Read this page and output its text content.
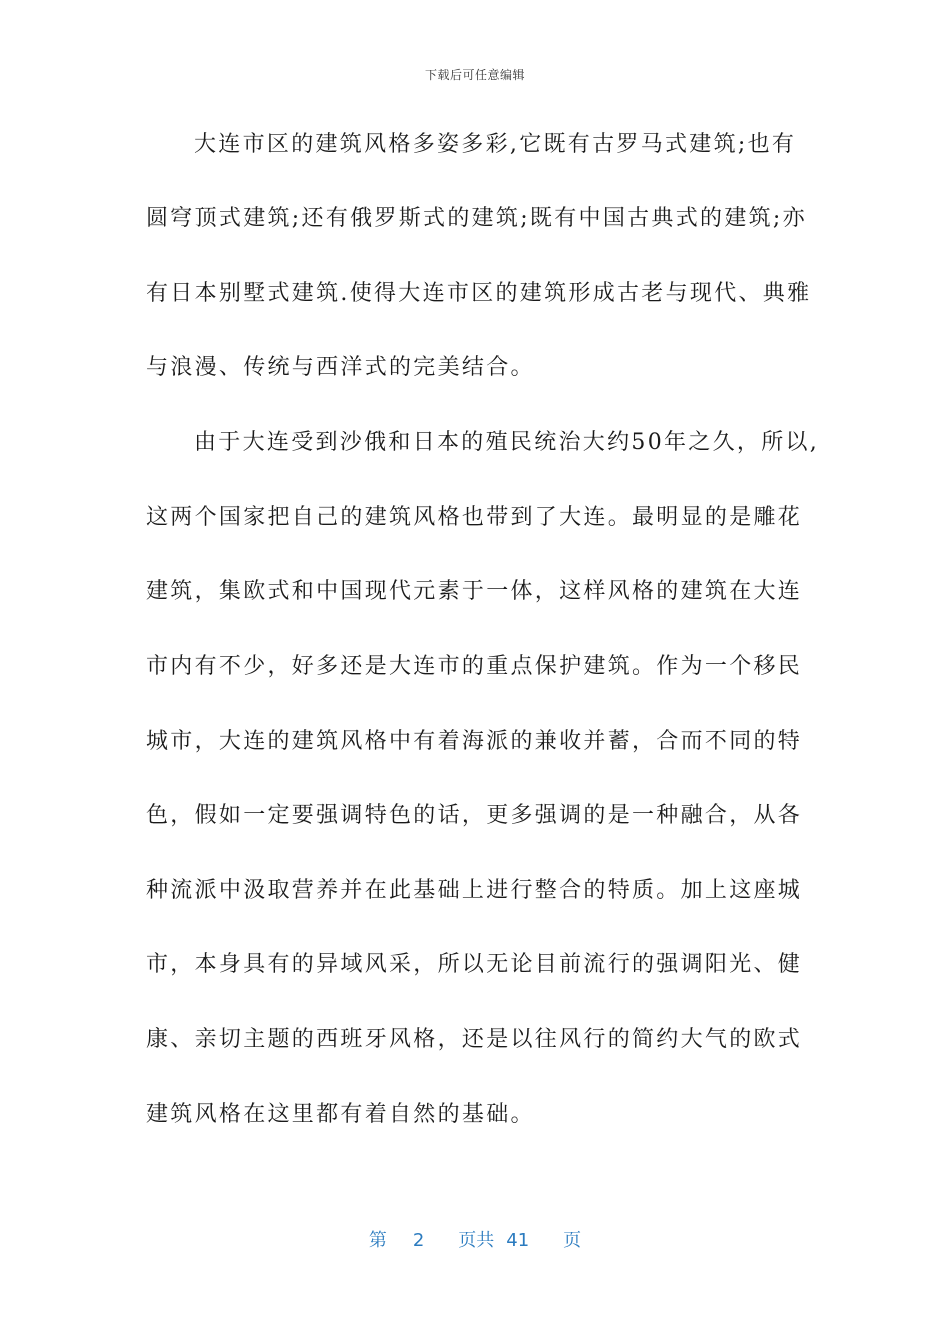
下载后可任意编辑
大连市区的建筑风格多姿多彩,它既有古罗马式建筑;也有
圆穹顶式建筑;还有俄罗斯式的建筑;既有中国古典式的建筑;亦
有日本别墅式建筑.使得大连市区的建筑形成古老与现代、典雅
与浪漫、传统与西洋式的完美结合。
由于大连受到沙俄和日本的殖民统治大约50年之久，所以,
这两个国家把自己的建筑风格也带到了大连。最明显的是雕花
建筑，集欧式和中国现代元素于一体，这样风格的建筑在大连
市内有不少，好多还是大连市的重点保护建筑。作为一个移民
城市，大连的建筑风格中有着海派的兼收并蓄，合而不同的特
色，假如一定要强调特色的话，更多强调的是一种融合，从各
种流派中汲取营养并在此基础上进行整合的特质。加上这座城
市，本身具有的异域风采，所以无论目前流行的强调阳光、健
康、亲切主题的西班牙风格，还是以往风行的简约大气的欧式
建筑风格在这里都有着自然的基础。
第 2 页共 41 页
